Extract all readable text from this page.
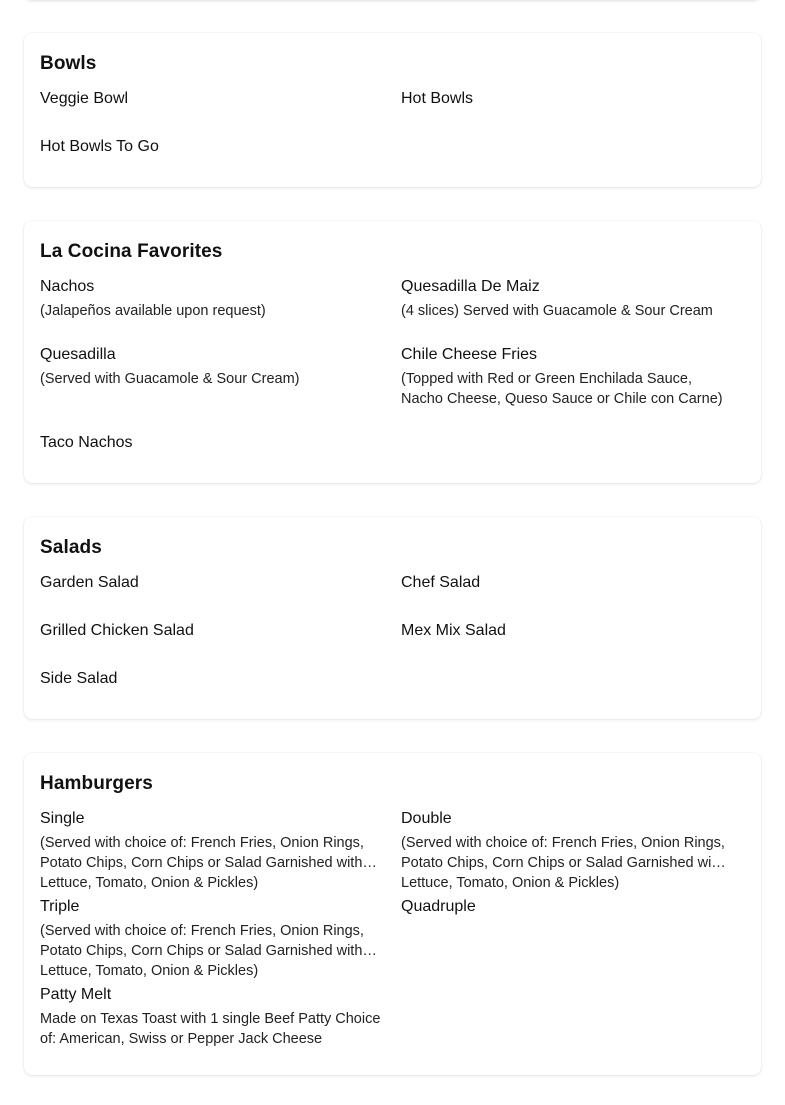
Bowls
Veggie Bowl	Hot Bowls
Hot Bowls To Go
La Cocina Favorites
Nachos
(Jalapeños available upon request)
Quesadilla De Maiz
(4 slices) Served with Guacamole & Sour Cream
Quesadilla
(Served with Guacamole & Sour Cream)
Chile Cheese Fries
(Topped with Red or Green Enchilada Sauce, Nacho Cheese, Queso Sauce or Chile con Carne)
Taco Nachos
Salads
Garden Salad	Chef Salad
Grilled Chicken Salad	Mex Mix Salad
Side Salad
Hamburgers
Single
(Served with choice of: French Fries, Onion Rings, Potato Chips, Corn Chips or Salad Garnished with Lettuce, Tomato, Onion & Pickles)
Double
(Served with choice of: French Fries, Onion Rings, Potato Chips, Corn Chips or Salad Garnished with Lettuce, Tomato, Onion & Pickles)
Triple
(Served with choice of: French Fries, Onion Rings, Potato Chips, Corn Chips or Salad Garnished with Lettuce, Tomato, Onion & Pickles)
Quadruple
Patty Melt
Made on Texas Toast with 1 single Beef Patty Choice of: American, Swiss or Pepper Jack Cheese
